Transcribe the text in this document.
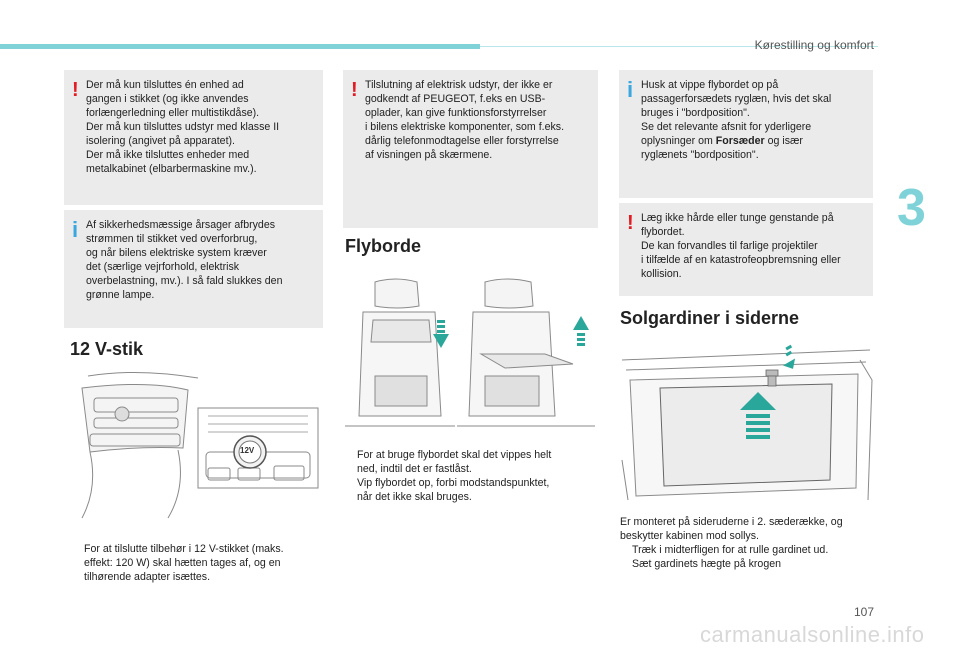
Kørestilling og komfort
3
! Der må kun tilsluttes én enhed ad

gangen i stikket (og ikke anvendes

forlængerledning eller multistikdåse).

Der må kun tilsluttes udstyr med klasse II

isolering (angivet på apparatet).

Der må ikke tilsluttes enheder med

metalkabinet (elbarbermaskine mv.).

i Af sikkerhedsmæssige årsager afbrydes

strømmen til stikket ved overforbrug,

og når bilens elektriske system kræver

det (særlige vejrforhold, elektrisk

overbelastning, mv.). I så fald slukkes den

grønne lampe.

12 V-stik
12V

For at tilslutte tilbehør i 12 V-stikket (maks.

effekt: 120 W) skal hætten tages af, og en

tilhørende adapter isættes.

! Tilslutning af elektrisk udstyr, der ikke er

godkendt af PEUGEOT, f.eks en USB-

oplader, kan give funktionsforstyrrelser

i bilens elektriske komponenter, som f.eks.

dårlig telefonmodtagelse eller forstyrrelse

af visningen på skærmene.

Flyborde

For at bruge flybordet skal det vippes helt

ned, indtil det er fastlåst.

Vip flybordet op, forbi modstandspunktet,

når det ikke skal bruges.

i Husk at vippe flybordet op på

passagerforsædets ryglæn, hvis det skal

bruges i "bordposition".

Se det relevante afsnit for yderligere

oplysninger om Forsæder og især

ryglænets "bordposition".

! Læg ikke hårde eller tunge genstande på

flybordet.

De kan forvandles til farlige projektiler

i tilfælde af en katastrofeopbremsning eller

kollision.

Solgardiner i siderne

Er monteret på sideruderne i 2. sæderække, og

beskytter kabinen mod sollys.

Træk i midterfligen for at rulle gardinet ud.

Sæt gardinets hægte på krogen

107
carmanualsonline.info
